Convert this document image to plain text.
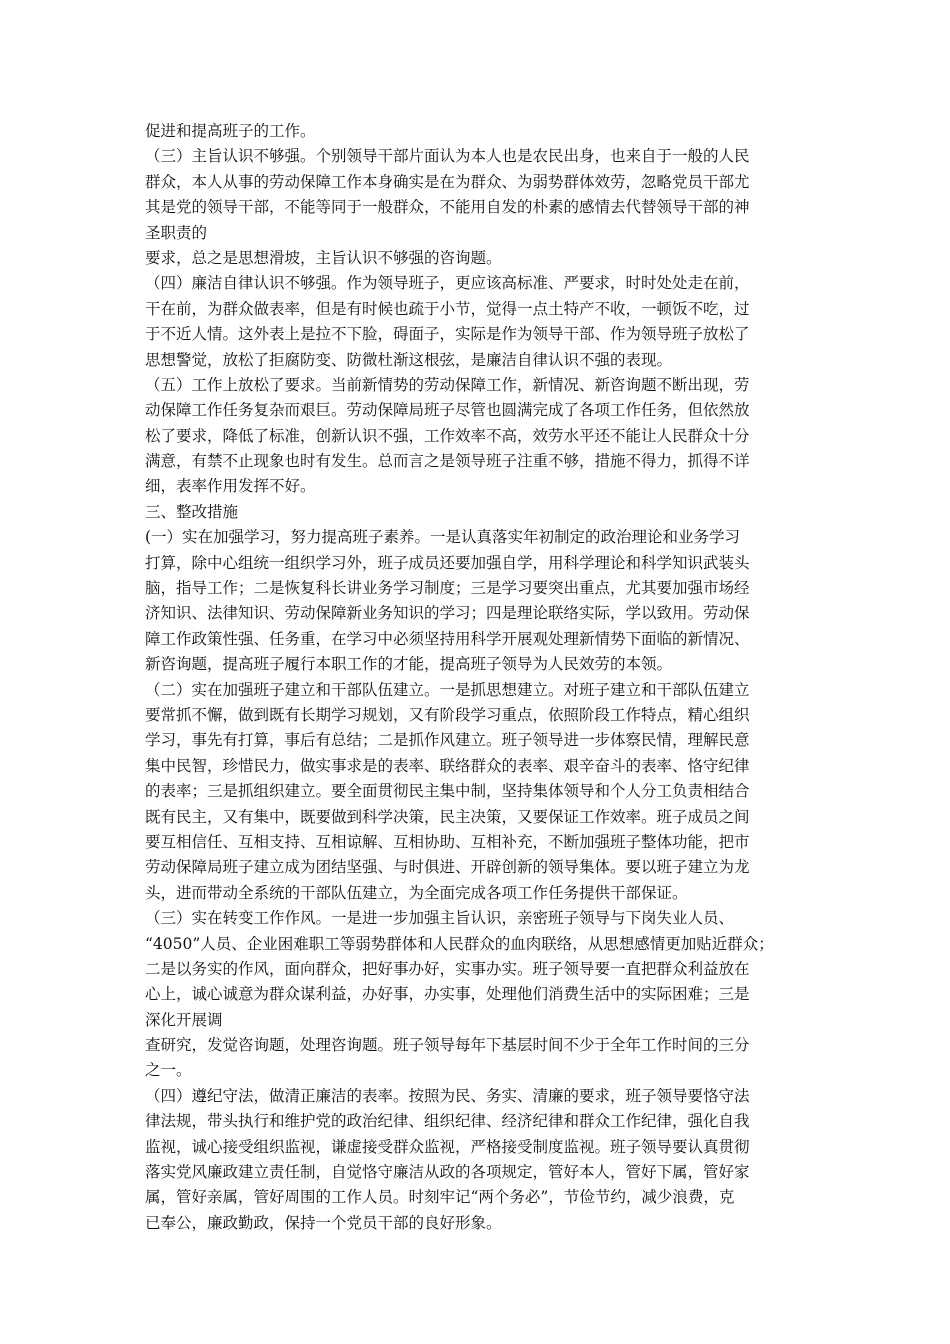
促进和提高班子的工作。
（三）主旨认识不够强。个别领导干部片面认为本人也是农民出身，也来自于一般的人民
群众，本人从事的劳动保障工作本身确实是在为群众、为弱势群体效劳，忽略党员干部尤
其是党的领导干部，不能等同于一般群众，不能用自发的朴素的感情去代替领导干部的神
圣职责的
要求，总之是思想滑坡，主旨认识不够强的咨询题。
（四）廉洁自律认识不够强。作为领导班子，更应该高标准、严要求，时时处处走在前，
干在前，为群众做表率，但是有时候也疏于小节，觉得一点土特产不收，一顿饭不吃，过
于不近人情。这外表上是拉不下脸，碍面子，实际是作为领导干部、作为领导班子放松了
思想警觉，放松了拒腐防变、防微杜渐这根弦，是廉洁自律认识不强的表现。
（五）工作上放松了要求。当前新情势的劳动保障工作，新情况、新咨询题不断出现，劳
动保障工作任务复杂而艰巨。劳动保障局班子尽管也圆满完成了各项工作任务，但依然放
松了要求，降低了标准，创新认识不强，工作效率不高，效劳水平还不能让人民群众十分
满意，有禁不止现象也时有发生。总而言之是领导班子注重不够，措施不得力，抓得不详
细，表率作用发挥不好。
三、整改措施
(一）实在加强学习，努力提高班子素养。一是认真落实年初制定的政治理论和业务学习
打算，除中心组统一组织学习外，班子成员还要加强自学，用科学理论和科学知识武装头
脑，指导工作；二是恢复科长讲业务学习制度；三是学习要突出重点，尤其要加强市场经
济知识、法律知识、劳动保障新业务知识的学习；四是理论联络实际，学以致用。劳动保
障工作政策性强、任务重，在学习中必须坚持用科学开展观处理新情势下面临的新情况、
新咨询题，提高班子履行本职工作的才能，提高班子领导为人民效劳的本领。
（二）实在加强班子建立和干部队伍建立。一是抓思想建立。对班子建立和干部队伍建立
要常抓不懈，做到既有长期学习规划，又有阶段学习重点，依照阶段工作特点，精心组织
学习，事先有打算，事后有总结；二是抓作风建立。班子领导进一步体察民情，理解民意
集中民智，珍惜民力，做实事求是的表率、联络群众的表率、艰辛奋斗的表率、恪守纪律
的表率；三是抓组织建立。要全面贯彻民主集中制，坚持集体领导和个人分工负责相结合
既有民主，又有集中，既要做到科学决策，民主决策，又要保证工作效率。班子成员之间
要互相信任、互相支持、互相谅解、互相协助、互相补充，不断加强班子整体功能，把市
劳动保障局班子建立成为团结坚强、与时俱进、开辟创新的领导集体。要以班子建立为龙
头，进而带动全系统的干部队伍建立，为全面完成各项工作任务提供干部保证。
（三）实在转变工作作风。一是进一步加强主旨认识，亲密班子领导与下岗失业人员、
“4050”人员、企业困难职工等弱势群体和人民群众的血肉联络，从思想感情更加贴近群众；
二是以务实的作风，面向群众，把好事办好，实事办实。班子领导要一直把群众利益放在
心上，诚心诚意为群众谋利益，办好事，办实事，处理他们消费生活中的实际困难；三是
深化开展调
查研究，发觉咨询题，处理咨询题。班子领导每年下基层时间不少于全年工作时间的三分
之一。
（四）遵纪守法，做清正廉洁的表率。按照为民、务实、清廉的要求，班子领导要恪守法
律法规，带头执行和维护党的政治纪律、组织纪律、经济纪律和群众工作纪律，强化自我
监视，诚心接受组织监视，谦虚接受群众监视，严格接受制度监视。班子领导要认真贯彻
落实党风廉政建立责任制，自觉恪守廉洁从政的各项规定，管好本人，管好下属，管好家
属，管好亲属，管好周围的工作人员。时刻牢记“两个务必”，节俭节约，减少浪费，克
已奉公，廉政勤政，保持一个党员干部的良好形象。
